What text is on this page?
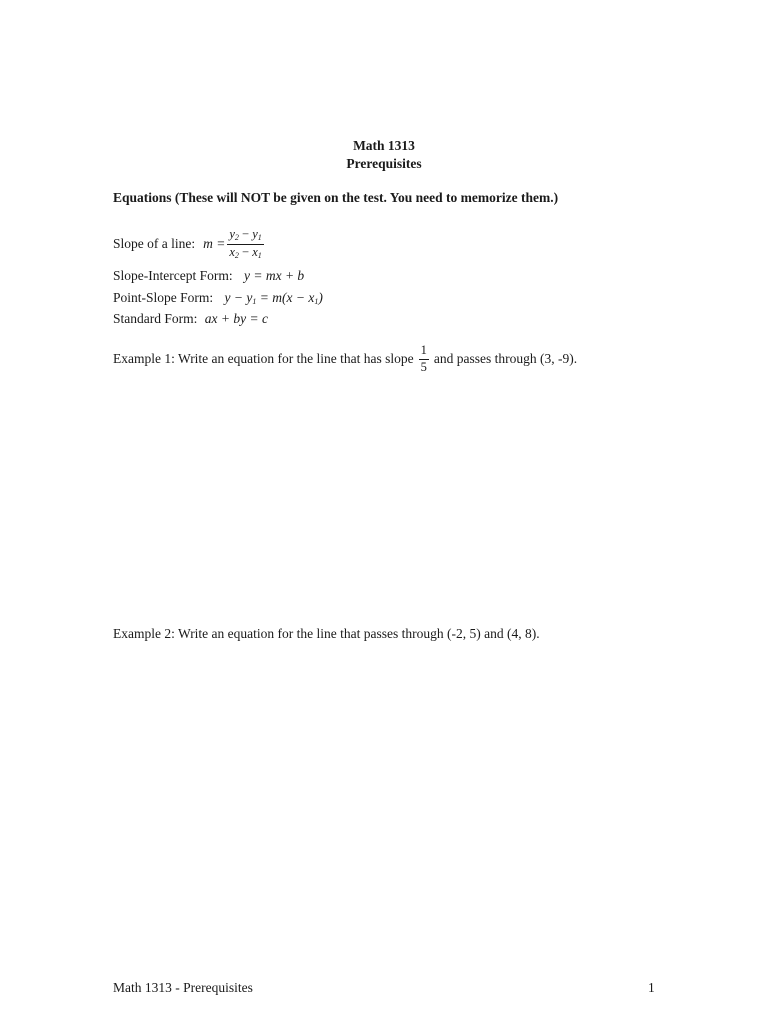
Math 1313
Prerequisites
Equations (These will NOT be given on the test. You need to memorize them.)
Slope of a line: $m = \frac{y_2 - y_1}{x_2 - x_1}$
Slope-Intercept Form: y = mx + b
Point-Slope Form: $y - y_1 = m(x - x_1)$
Standard Form: ax + by = c
Example 1: Write an equation for the line that has slope $\frac{1}{5}$ and passes through (3, -9).
Example 2: Write an equation for the line that passes through (-2, 5) and (4, 8).
Math 1313 - Prerequisites	1
